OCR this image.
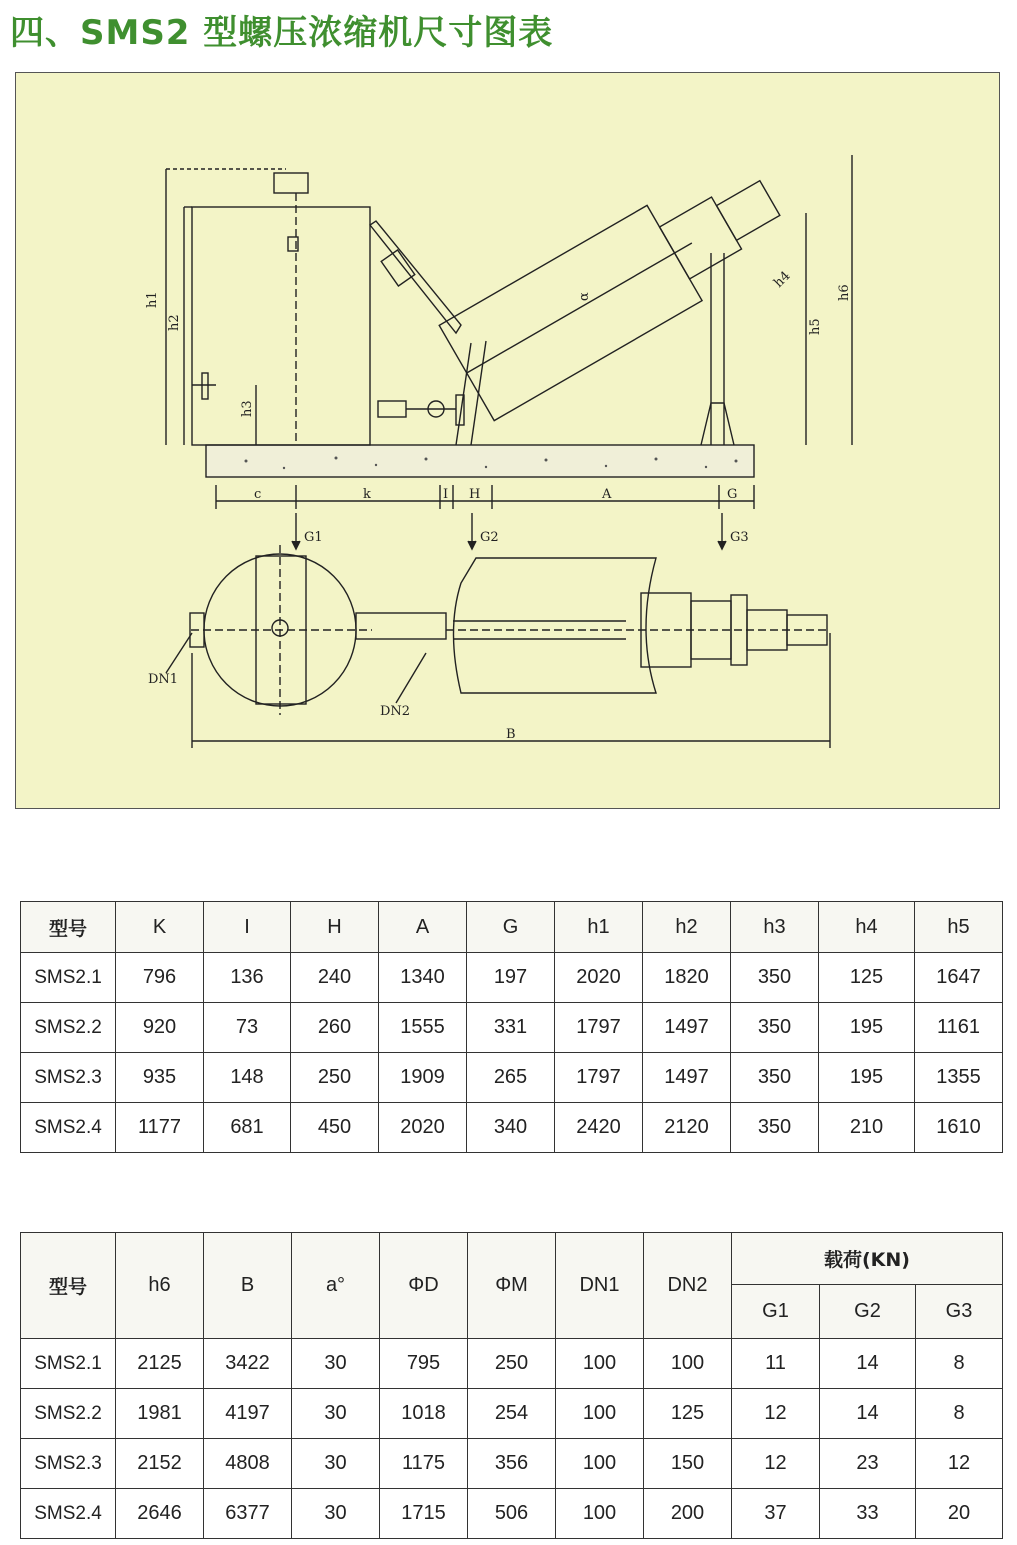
四、SMS2 型螺压浓缩机尺寸图表
h1
h2
h3
h4
h5
h6
c	k	I H	A	G
G1	G2	G3
α
DN1
DN2
B
型号	K	I	H	A	G	h1	h2	h3	h4	h5
SMS2.1	796	136	240	1340	197	2020	1820	350	125	1647
SMS2.2	920	73	260	1555	331	1797	1497	350	195	1161
SMS2.3	935	148	250	1909	265	1797	1497	350	195	1355
SMS2.4	1177	681	450	2020	340	2420	2120	350	210	1610
型号	h6	B	a°	ΦD	ΦM	DN1	DN2	载荷(KN)		
								G1	G2	G3
SMS2.1	2125	3422	30	795	250	100	100	11	14	8
SMS2.2	1981	4197	30	1018	254	100	125	12	14	8
SMS2.3	2152	4808	30	1175	356	100	150	12	23	12
SMS2.4	2646	6377	30	1715	506	100	200	37	33	20
